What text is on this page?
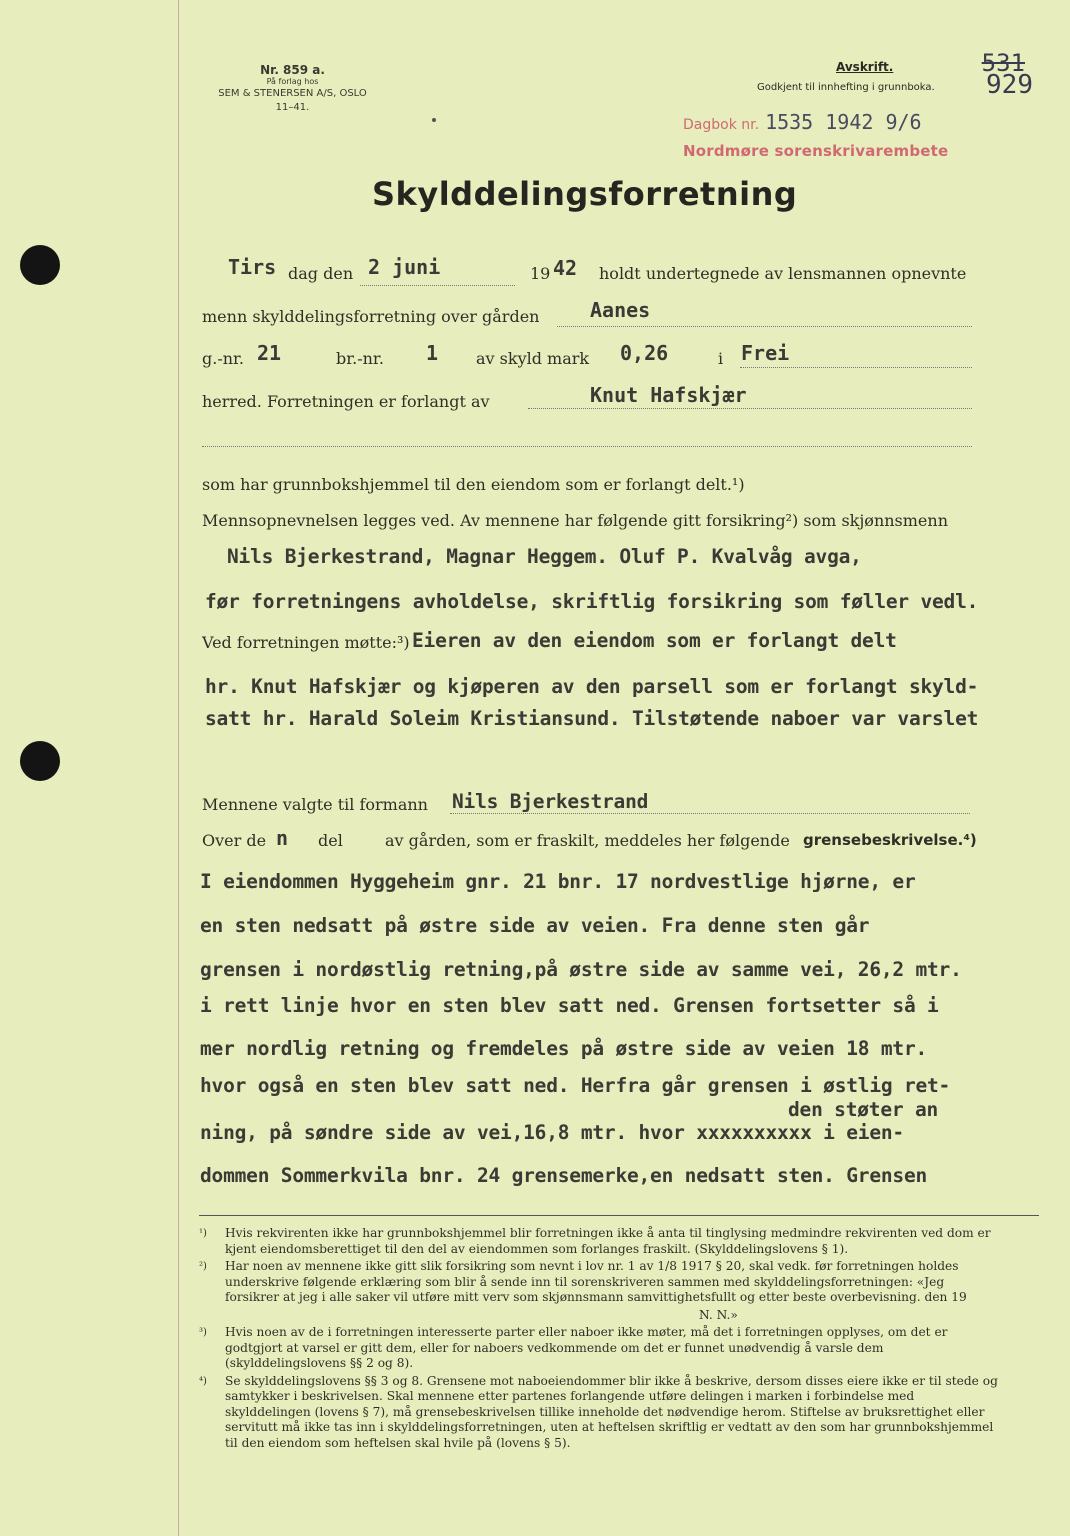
Nr. 859 a.
På forlag hos
SEM & STENERSEN A/S, OSLO
11–41.
Avskrift.
Godkjent til innhefting i grunnboka.
531
929
Dagbok nr. 1535 1942 9/6
Nordmøre sorenskrivarembete
Skylddelingsforretning
Tirs dag den 2 juni	19 42 holdt undertegnede av lensmannen opnevnte
menn skylddelingsforretning over gården	Aanes
g.-nr. 21	br.-nr. 1 av skyld mark 0,26	i Frei
herred. Forretningen er forlangt av	Knut Hafskjær
som har grunnbokshjemmel til den eiendom som er forlangt delt.¹)
Mennsopnevnelsen legges ved. Av mennene har følgende gitt forsikring²) som skjønnsmenn
Nils Bjerkestrand, Magnar Heggem. Oluf P. Kvalvåg avga,
før forretningens avholdelse, skriftlig forsikring som føller vedl.
Ved forretningen møtte:³) Eieren av den eiendom som er forlangt delt
hr. Knut Hafskjær og kjøperen av den parsell som er forlangt skyld-
satt hr. Harald Soleim Kristiansund. Tilstøtende naboer var varslet
Mennene valgte til formann Nils Bjerkestrand
Over de n del	av gården, som er fraskilt, meddeles her følgende grensebeskrivelse.⁴)
I eiendommen Hyggeheim gnr. 21 bnr. 17 nordvestlige hjørne, er
en sten nedsatt på østre side av veien. Fra denne sten går
grensen i nordøstlig retning,på østre side av samme vei, 26,2 mtr.
i rett linje hvor en sten blev satt ned. Grensen fortsetter så i
mer nordlig retning og fremdeles på østre side av veien 18 mtr.
hvor også en sten blev satt ned. Herfra går grensen i østlig ret-
den støter an
ning, på søndre side av vei,16,8 mtr. hvor xxxxxxxxxx i eien-
dommen Sommerkvila bnr. 24 grensemerke,en nedsatt sten. Grensen
¹) Hvis rekvirenten ikke har grunnbokshjemmel blir forretningen ikke å anta til tinglysing medmindre rekvirenten ved dom er kjent eiendomsberettiget til den del av eiendommen som forlanges fraskilt. (Skylddelingslovens § 1).

²) Har noen av mennene ikke gitt slik forsikring som nevnt i lov nr. 1 av 1/8 1917 § 20, skal vedk. før forretningen holdes underskrive følgende erklæring som blir å sende inn til sorenskriveren sammen med skylddelingsforretningen: «Jeg forsikrer at jeg i alle saker vil utføre mitt verv som skjønnsmann samvittighetsfullt og etter beste overbevisning. den 19

N. N.»

³) Hvis noen av de i forretningen interesserte parter eller naboer ikke møter, må det i forretningen opplyses, om det er godtgjort at varsel er gitt dem, eller for naboers vedkommende om det er funnet unødvendig å varsle dem (skylddelingslovens §§ 2 og 8).

⁴) Se skylddelingslovens §§ 3 og 8. Grensene mot naboeiendommer blir ikke å beskrive, dersom disses eiere ikke er til stede og samtykker i beskrivelsen. Skal mennene etter partenes forlangende utføre delingen i marken i forbindelse med skylddelingen (lovens § 7), må grensebeskrivelsen tillike inneholde det nødvendige herom. Stiftelse av bruksrettighet eller servitutt må ikke tas inn i skylddelingsforretningen, uten at heftelsen skriftlig er vedtatt av den som har grunnbokshjemmel til den eiendom som heftelsen skal hvile på (lovens § 5).
